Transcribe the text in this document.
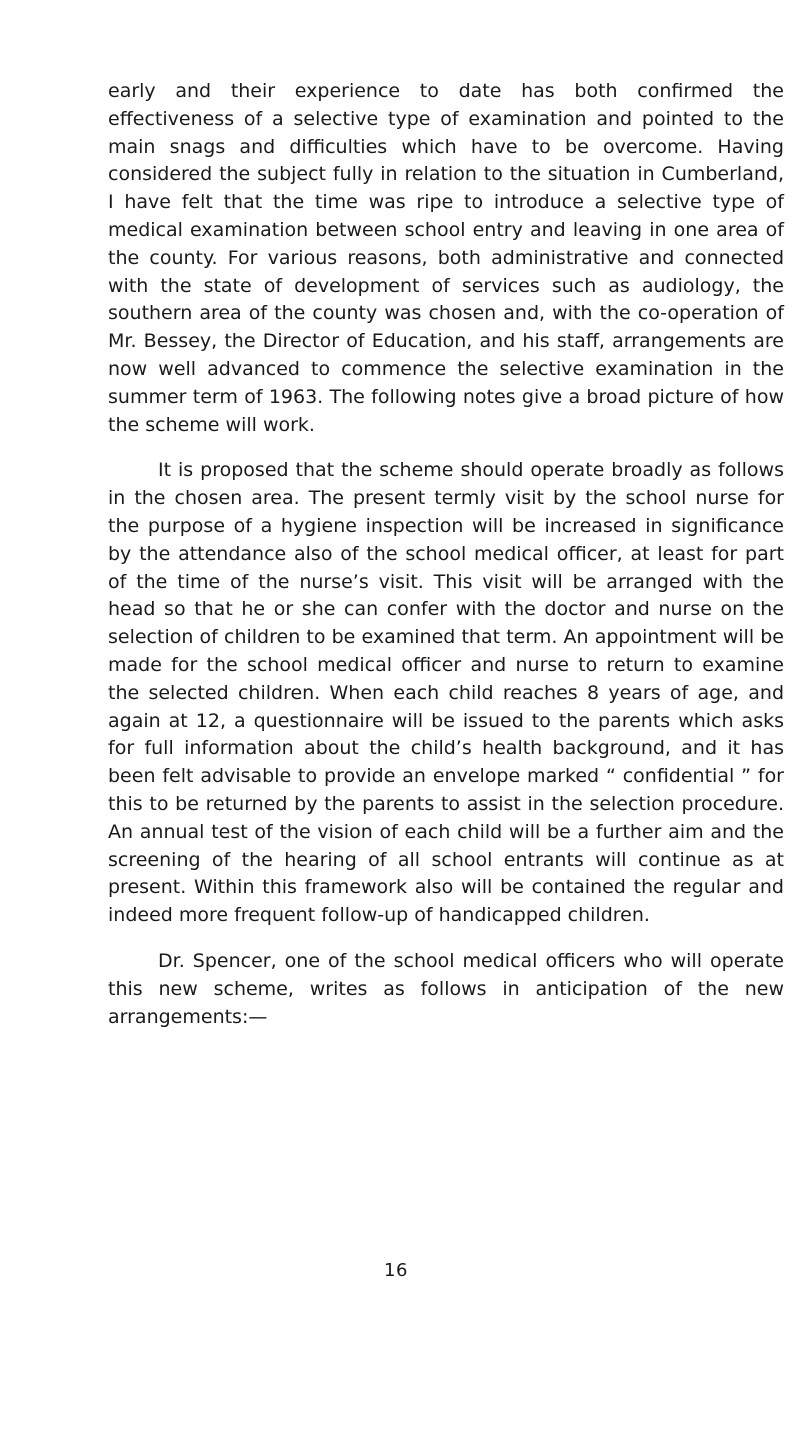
early and their experience to date has both confirmed the effectiveness of a selective type of examination and pointed to the main snags and difficulties which have to be overcome. Having considered the subject fully in relation to the situation in Cumberland, I have felt that the time was ripe to introduce a selective type of medical examination between school entry and leaving in one area of the county. For various reasons, both administrative and connected with the state of development of services such as audiology, the southern area of the county was chosen and, with the co-operation of Mr. Bessey, the Director of Education, and his staff, arrangements are now well advanced to commence the selective examination in the summer term of 1963. The following notes give a broad picture of how the scheme will work.

It is proposed that the scheme should operate broadly as follows in the chosen area. The present termly visit by the school nurse for the purpose of a hygiene inspection will be increased in significance by the attendance also of the school medical officer, at least for part of the time of the nurse’s visit. This visit will be arranged with the head so that he or she can confer with the doctor and nurse on the selection of children to be examined that term. An appointment will be made for the school medical officer and nurse to return to examine the selected children. When each child reaches 8 years of age, and again at 12, a questionnaire will be issued to the parents which asks for full information about the child’s health background, and it has been felt advisable to provide an envelope marked “ confidential ” for this to be returned by the parents to assist in the selection procedure. An annual test of the vision of each child will be a further aim and the screening of the hearing of all school entrants will continue as at present. Within this framework also will be contained the regular and indeed more frequent follow-up of handicapped children.

Dr. Spencer, one of the school medical officers who will operate this new scheme, writes as follows in anticipation of the new arrangements:—

16
